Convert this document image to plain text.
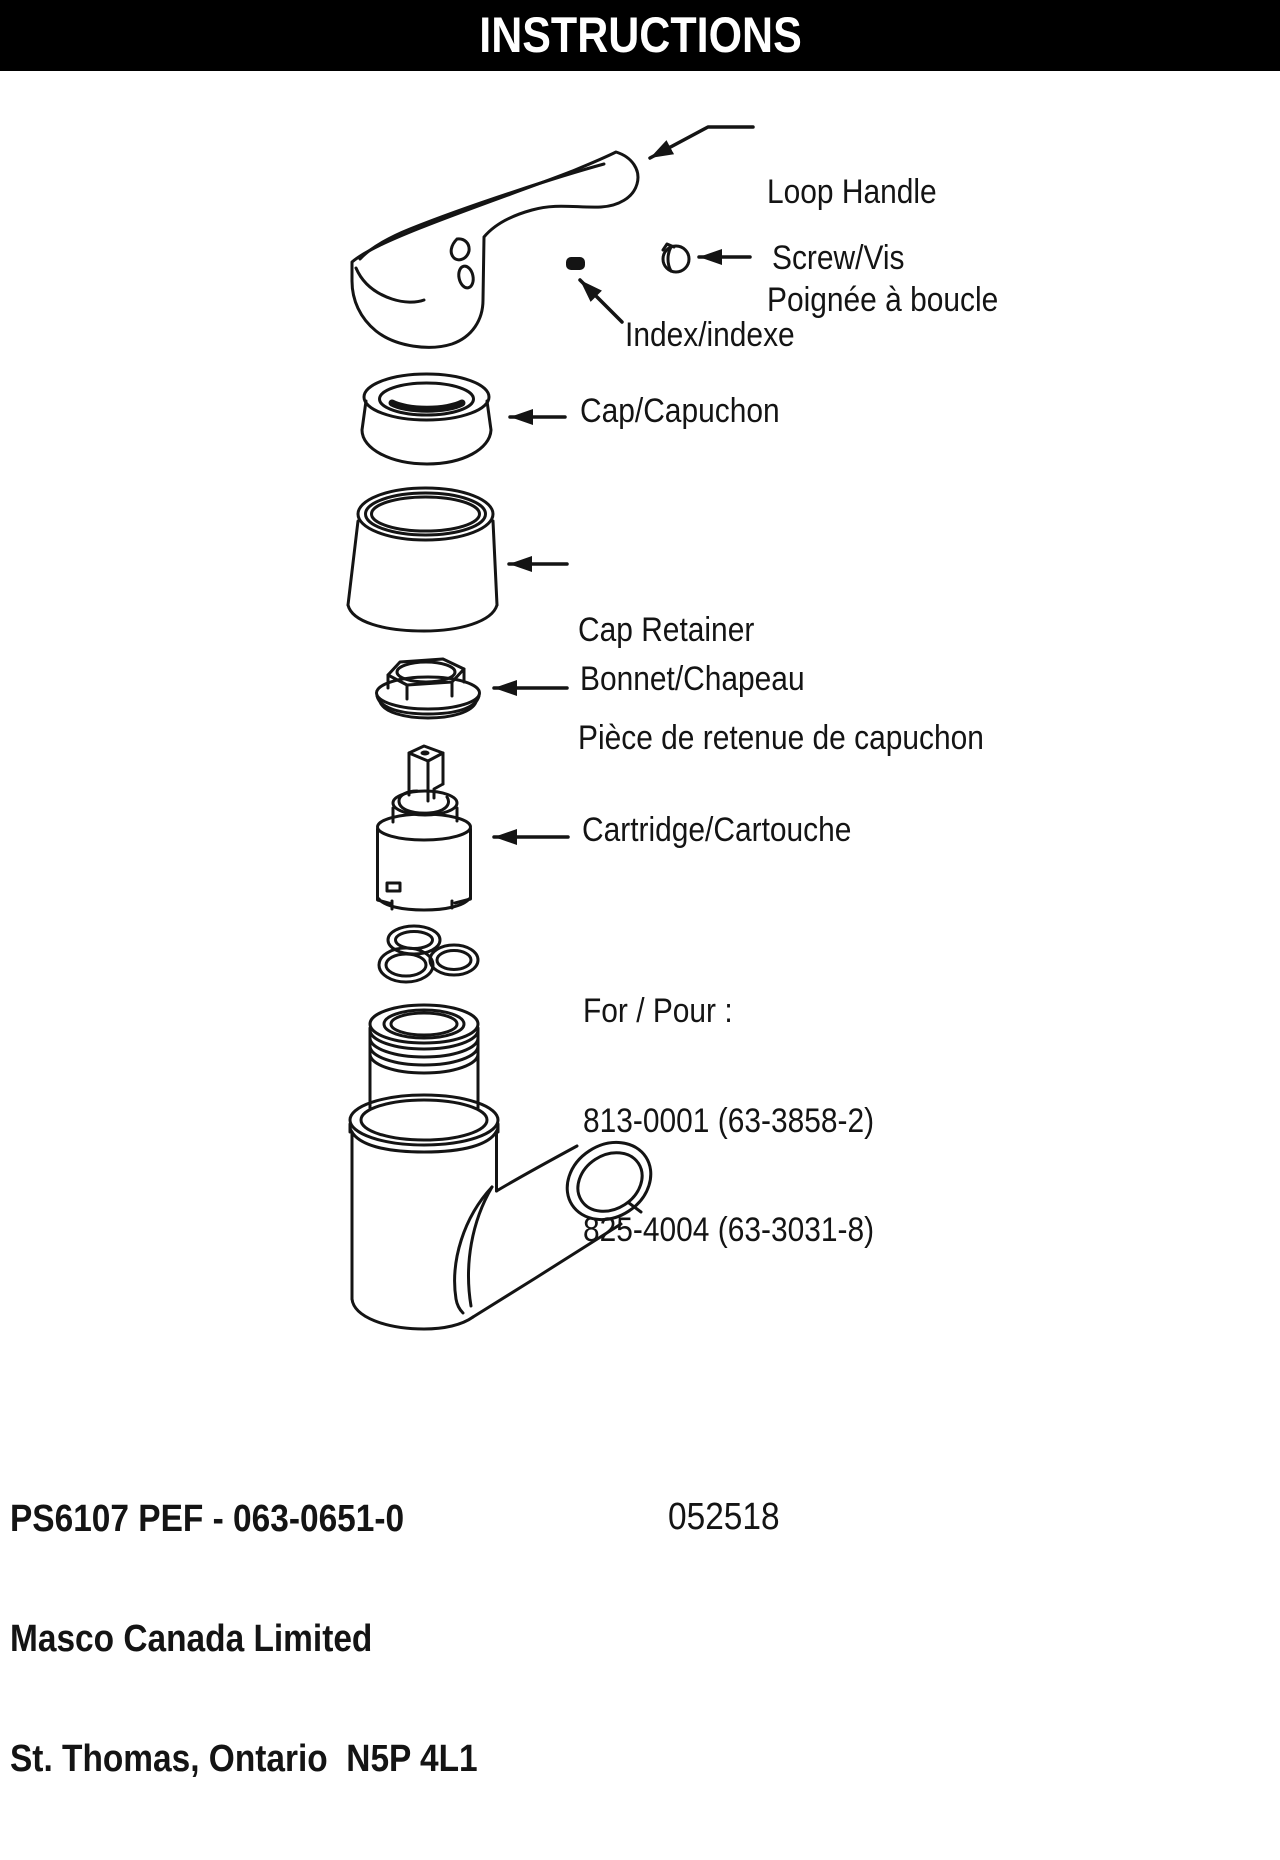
INSTRUCTIONS

Loop Handle

Poignée à boucle

Screw/Vis
Index/indexe
Cap/Capuchon

Cap Retainer

Pièce de retenue de capuchon

Bonnet/Chapeau
Cartridge/Cartouche

For / Pour :

813-0001 (63-3858-2)

825-4004 (63-3031-8)

PS6107 PEF - 063-0651-0

Masco Canada Limited

St. Thomas, Ontario  N5P 4L1

052518
